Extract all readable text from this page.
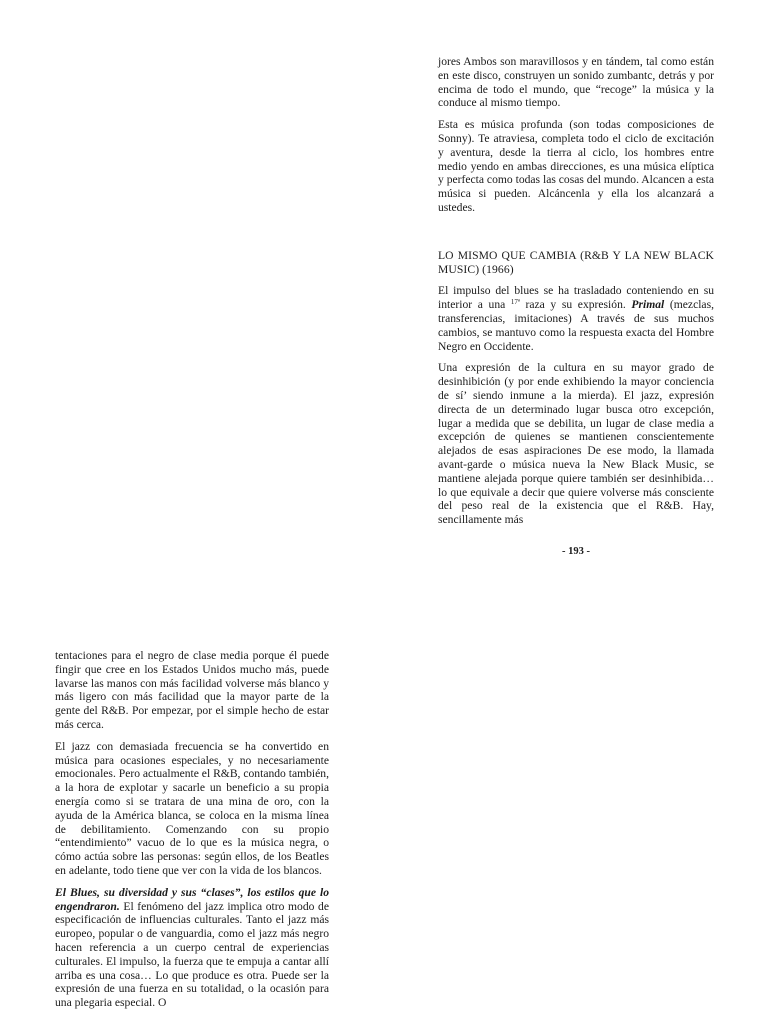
jores Ambos son maravillosos y en tándem, tal como están en este disco, construyen un sonido zumbantc, detrás y por encima de todo el mundo, que “recoge” la música y la conduce al mismo tiempo.

Esta es música profunda (son todas composiciones de Sonny). Te atraviesa, completa todo el ciclo de excitación y aventura, desde la tierra al ciclo, los hombres entre medio yendo en ambas direcciones, es una música elíptica y perfecta como todas las cosas del mundo. Alcancen a esta música si pueden. Alcáncenla y ella los alcanzará a ustedes.

LO MISMO QUE CAMBIA (R&B Y LA NEW BLACK MUSIC) (1966)

El impulso del blues se ha trasladado conteniendo en su interior a una $^{17ª}$ raza y su expresión. Primal (mezclas, transferencias, imitaciones) A través de sus muchos cambios, se mantuvo como la respuesta exacta del Hombre Negro en Occidente.

Una expresión de la cultura en su mayor grado de desinhibición (y por ende exhibiendo la mayor conciencia de sí’ siendo inmune a la mierda). El jazz, expresión directa de un determinado lugar busca otro excepción, lugar a medida que se debilita, un lugar de clase media a excepción de quienes se mantienen conscientemente alejados de esas aspiraciones De ese modo, la llamada avant-garde o música nueva la New Black Music, se mantiene alejada porque quiere también ser desinhibida… lo que equivale a decir que quiere volverse más consciente del peso real de la existencia que el R&B. Hay, sencillamente más

- 193 -

tentaciones para el negro de clase media porque él puede fingir que cree en los Estados Unidos mucho más, puede lavarse las manos con más facilidad volverse más blanco y más ligero con más facilidad que la mayor parte de la gente del R&B. Por empezar, por el simple hecho de estar más cerca.

El jazz con demasiada frecuencia se ha convertido en música para ocasiones especiales, y no necesariamente emocionales. Pero actualmente el R&B, contando también, a la hora de explotar y sacarle un beneficio a su propia energía como si se tratara de una mina de oro, con la ayuda de la América blanca, se coloca en la misma línea de debilitamiento. Comenzando con su propio “entendimiento” vacuo de lo que es la música negra, o cómo actúa sobre las personas: según ellos, de los Beatles en adelante, todo tiene que ver con la vida de los blancos.

El Blues, su diversidad y sus “clases”, los estilos que lo engendraron. El fenómeno del jazz implica otro modo de especificación de influencias culturales. Tanto el jazz más europeo, popular o de vanguardia, como el jazz más negro hacen referencia a un cuerpo central de experiencias culturales. El impulso, la fuerza que te empuja a cantar allí arriba es una cosa… Lo que produce es otra. Puede ser la expresión de una fuerza en su totalidad, o la ocasión para una plegaria especial. O
